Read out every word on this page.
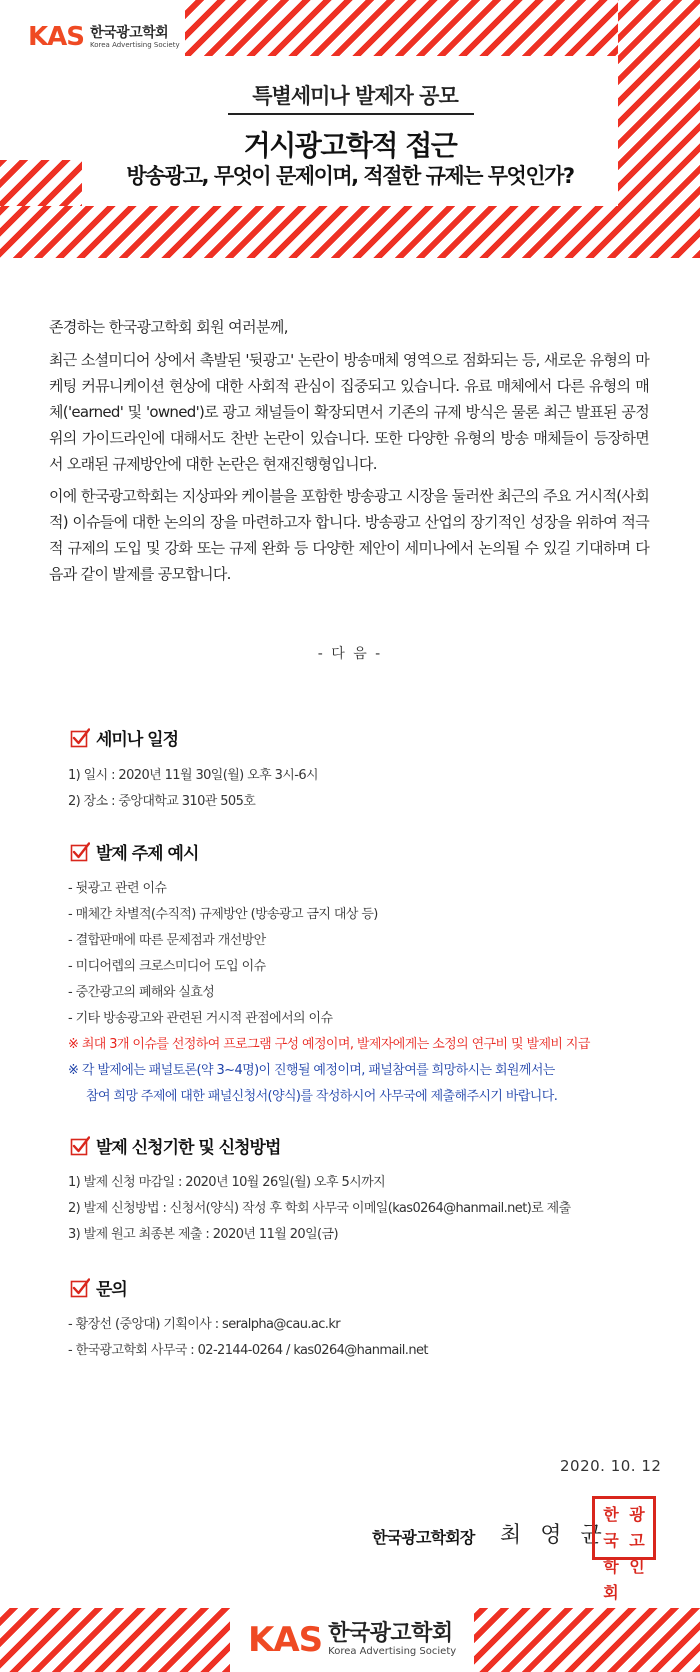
KAS 한국광고학회
Korea Advertising Society
특별세미나 발제자 공모
거시광고학적 접근
방송광고, 무엇이 문제이며, 적절한 규제는 무엇인가?
존경하는 한국광고학회 회원 여러분께,

최근 소셜미디어 상에서 촉발된 '뒷광고' 논란이 방송매체 영역으로 점화되는 등, 새로운 유형의 마케팅 커뮤니케이션 현상에 대한 사회적 관심이 집중되고 있습니다. 유료 매체에서 다른 유형의 매체('earned' 및 'owned')로 광고 채널들이 확장되면서 기존의 규제 방식은 물론 최근 발표된 공정위의 가이드라인에 대해서도 찬반 논란이 있습니다. 또한 다양한 유형의 방송 매체들이 등장하면서 오래된 규제방안에 대한 논란은 현재진행형입니다.

이에 한국광고학회는 지상파와 케이블을 포함한 방송광고 시장을 둘러싼 최근의 주요 거시적(사회적) 이슈들에 대한 논의의 장을 마련하고자 합니다. 방송광고 산업의 장기적인 성장을 위하여 적극적 규제의 도입 및 강화 또는 규제 완화 등 다양한 제안이 세미나에서 논의될 수 있길 기대하며 다음과 같이 발제를 공모합니다.

- 다 음 -
세미나 일정
1) 일시 : 2020년 11월 30일(월) 오후 3시-6시
2) 장소 : 중앙대학교 310관 505호
발제 주제 예시
- 뒷광고 관련 이슈
- 매체간 차별적(수직적) 규제방안 (방송광고 금지 대상 등)
- 결합판매에 따른 문제점과 개선방안
- 미디어렙의 크로스미디어 도입 이슈
- 중간광고의 폐해와 실효성
- 기타 방송광고와 관련된 거시적 관점에서의 이슈
※ 최대 3개 이슈를 선정하여 프로그램 구성 예정이며, 발제자에게는 소정의 연구비 및 발제비 지급
※ 각 발제에는 패널토론(약 3~4명)이 진행될 예정이며, 패널참여를 희망하시는 회원께서는
참여 희망 주제에 대한 패널신청서(양식)를 작성하시어 사무국에 제출해주시기 바랍니다.
발제 신청기한 및 신청방법
1) 발제 신청 마감일 : 2020년 10월 26일(월) 오후 5시까지
2) 발제 신청방법 : 신청서(양식) 작성 후 학회 사무국 이메일(kas0264@hanmail.net)로 제출
3) 발제 원고 최종본 제출 : 2020년 11월 20일(금)
문의
- 황장선 (중앙대) 기획이사 : seralpha@cau.ac.kr
- 한국광고학회 사무국 : 02-2144-0264 / kas0264@hanmail.net
2020. 10. 12
한국광고학회장 최 영 균
한국
광고
학회
인
KAS 한국광고학회
Korea Advertising Society
